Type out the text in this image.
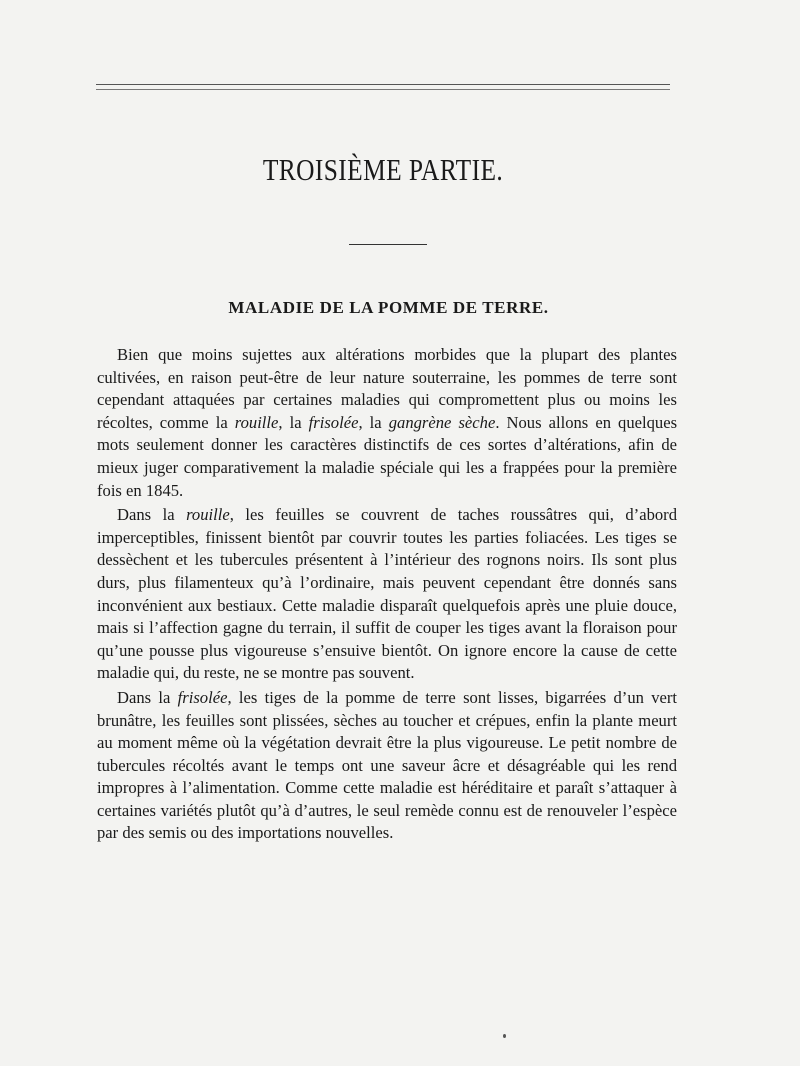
TROISIÈME PARTIE.
MALADIE DE LA POMME DE TERRE.

Bien que moins sujettes aux altérations morbides que la plupart des plantes cultivées, en raison peut-être de leur nature souterraine, les pommes de terre sont cependant attaquées par certaines maladies qui compromettent plus ou moins les récoltes, comme la rouille, la frisolée, la gangrène sèche. Nous allons en quelques mots seulement donner les caractères distinctifs de ces sortes d’altérations, afin de mieux juger comparativement la maladie spéciale qui les a frappées pour la première fois en 1845.

Dans la rouille, les feuilles se couvrent de taches roussâtres qui, d’abord imperceptibles, finissent bientôt par couvrir toutes les parties foliacées. Les tiges se dessèchent et les tubercules présentent à l’intérieur des rognons noirs. Ils sont plus durs, plus filamenteux qu’à l’ordinaire, mais peuvent cependant être donnés sans inconvénient aux bestiaux. Cette maladie disparaît quelquefois après une pluie douce, mais si l’affection gagne du terrain, il suffit de couper les tiges avant la floraison pour qu’une pousse plus vigoureuse s’ensuive bientôt. On ignore encore la cause de cette maladie qui, du reste, ne se montre pas souvent.

Dans la frisolée, les tiges de la pomme de terre sont lisses, bigarrées d’un vert brunâtre, les feuilles sont plissées, sèches au toucher et crépues, enfin la plante meurt au moment même où la végétation devrait être la plus vigoureuse. Le petit nombre de tubercules récoltés avant le temps ont une saveur âcre et désagréable qui les rend impropres à l’alimentation. Comme cette maladie est héréditaire et paraît s’attaquer à certaines variétés plutôt qu’à d’autres, le seul remède connu est de renouveler l’espèce par des semis ou des importations nouvelles.
